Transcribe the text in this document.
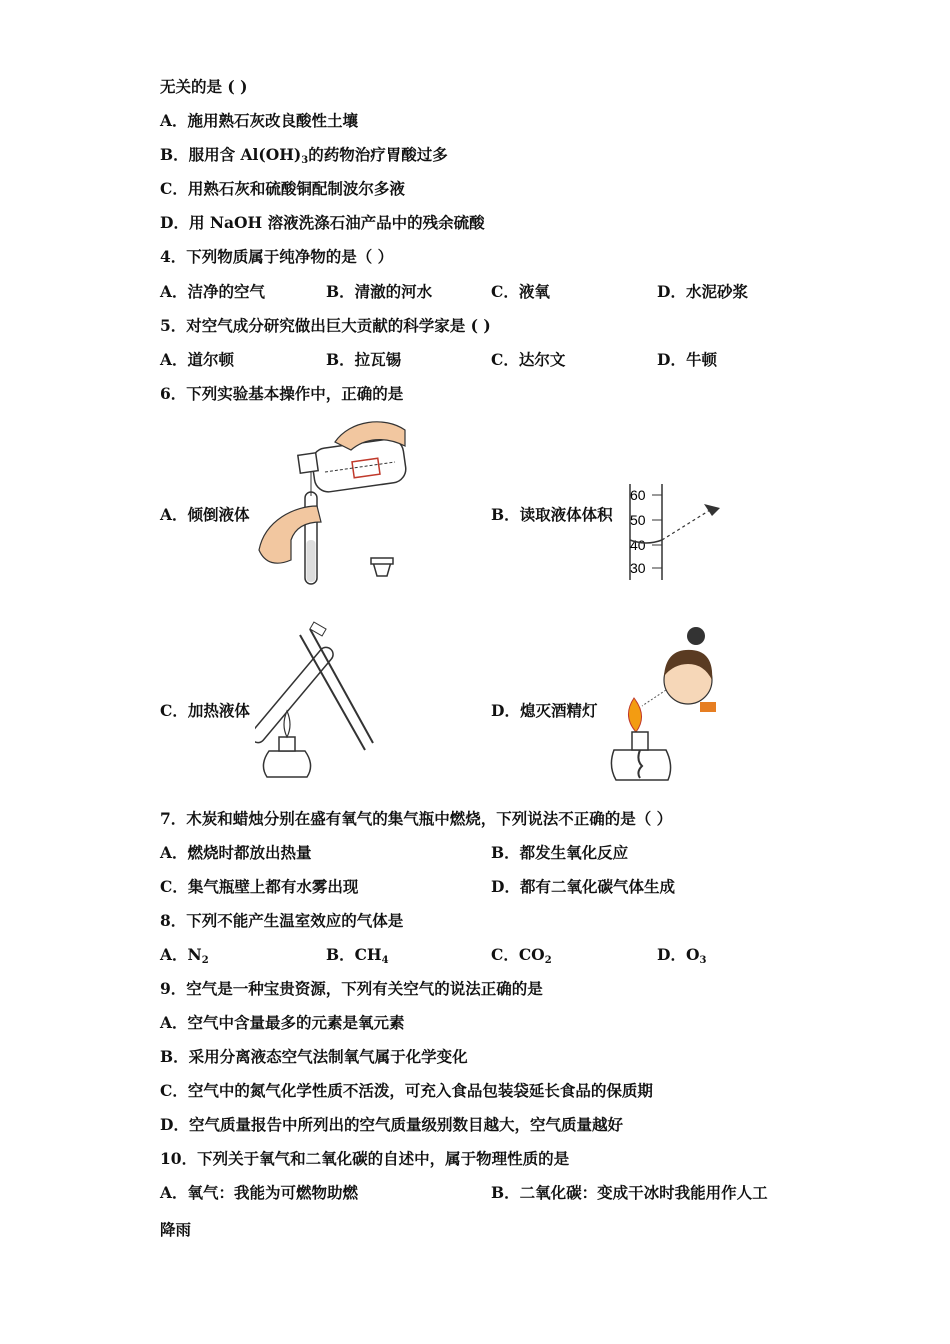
无关的是 ( )
A．施用熟石灰改良酸性土壤
B．服用含 $Al(OH)_3$的药物治疗胃酸过多
C．用熟石灰和硫酸铜配制波尔多液
D．用 NaOH 溶液洗涤石油产品中的残余硫酸
4．下列物质属于纯净物的是（ ）
A．洁净的空气	B．清澈的河水	C．液氧	D．水泥砂浆
5．对空气成分研究做出巨大贡献的科学家是 ( )
A．道尔顿	B．拉瓦锡	C．达尔文	D．牛顿
6．下列实验基本操作中，正确的是
A．倾倒液体	B．读取液体体积
60
50
40
30
C．加热液体	D．熄灭酒精灯
7．木炭和蜡烛分别在盛有氧气的集气瓶中燃烧，下列说法不正确的是（ ）
A．燃烧时都放出热量	B．都发生氧化反应
C．集气瓶壁上都有水雾出现	D．都有二氧化碳气体生成
8．下列不能产生温室效应的气体是
A．$N_2$	B．$CH_4$	C．$CO_2$	D．$O_3$
9．空气是一种宝贵资源，下列有关空气的说法正确的是
A．空气中含量最多的元素是氧元素
B．采用分离液态空气法制氧气属于化学变化
C．空气中的氮气化学性质不活泼，可充入食品包装袋延长食品的保质期
D．空气质量报告中所列出的空气质量级别数目越大，空气质量越好
10．下列关于氧气和二氧化碳的自述中，属于物理性质的是
A．氧气：我能为可燃物助燃	B．二氧化碳：变成干冰时我能用作人工
降雨
